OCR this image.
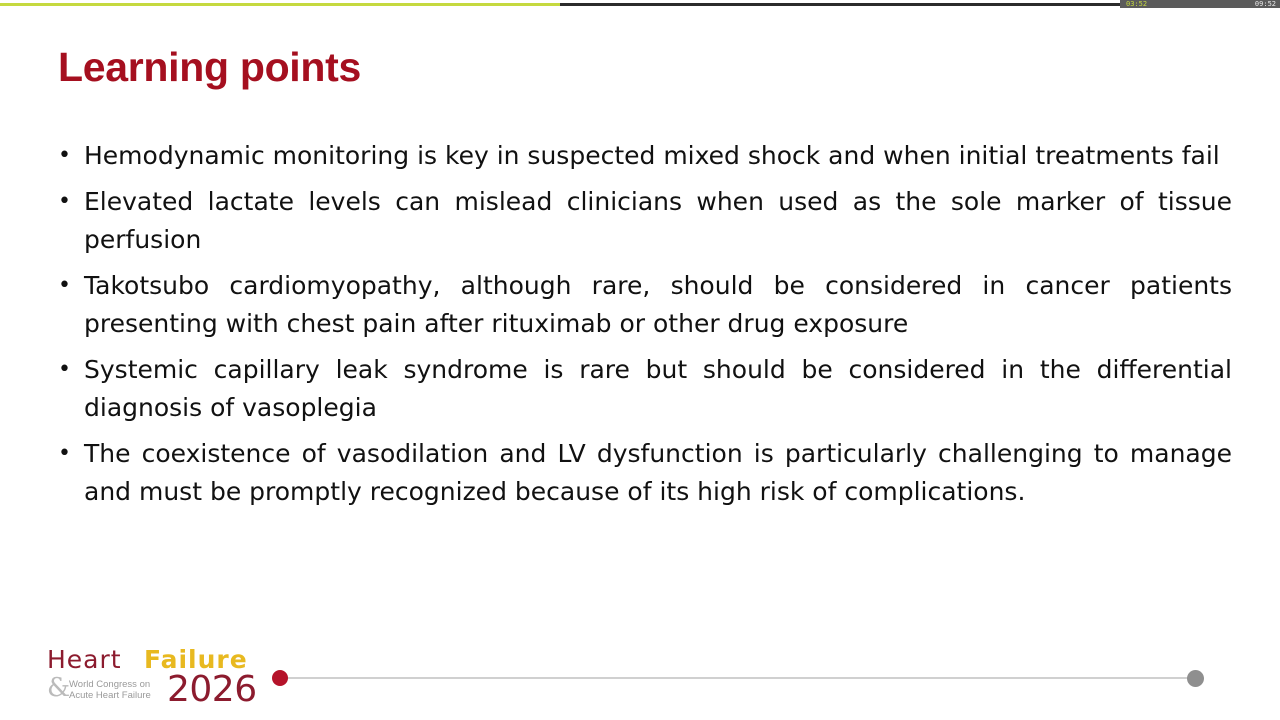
03:52	09:52
Learning points
• Hemodynamic monitoring is key in suspected mixed shock and when initial treatments fail
• Elevated lactate levels can mislead clinicians when used as the sole marker of tissue perfusion
• Takotsubo cardiomyopathy, although rare, should be considered in cancer patients presenting with chest pain after rituximab or other drug exposure
• Systemic capillary leak syndrome is rare but should be considered in the differential diagnosis of vasoplegia
• The coexistence of vasodilation and LV dysfunction is particularly challenging to manage and must be promptly recognized because of its high risk of complications.
Heart Failure
&
World Congress on
Acute Heart Failure 2026
